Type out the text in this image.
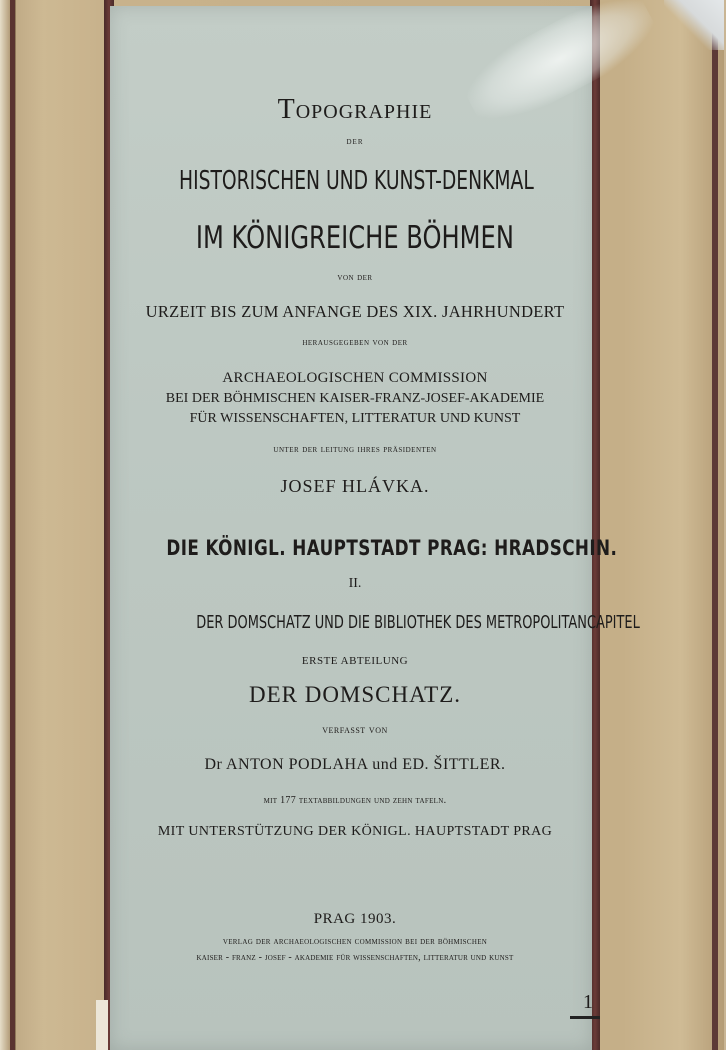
Topographie
der
HISTORISCHEN UND KUNST-DENKMAL
IM KÖNIGREICHE BÖHMEN
von der
URZEIT BIS ZUM ANFANGE DES XIX. JAHRHUNDERT
herausgegeben von der
ARCHAEOLOGISCHEN COMMISSION
BEI DER BÖHMISCHEN KAISER-FRANZ-JOSEF-AKADEMIE
FÜR WISSENSCHAFTEN, LITTERATUR UND KUNST
unter der leitung ihres präsidenten
JOSEF HLÁVKA.
DIE KÖNIGL. HAUPTSTADT PRAG: HRADSCHIN.
II.
DER DOMSCHATZ UND DIE BIBLIOTHEK DES METROPOLITANCAPITEL
ERSTE ABTEILUNG
DER DOMSCHATZ.
verfasst von
Dr ANTON PODLAHA und ED. ŠITTLER.
mit 177 textabbildungen und zehn tafeln.
MIT UNTERSTÜTZUNG DER KÖNIGL. HAUPTSTADT PRAG
PRAG 1903.
verlag der archaeologischen commission bei der böhmischen
kaiser - franz - josef - akademie für wissenschaften, litteratur und kunst
1
